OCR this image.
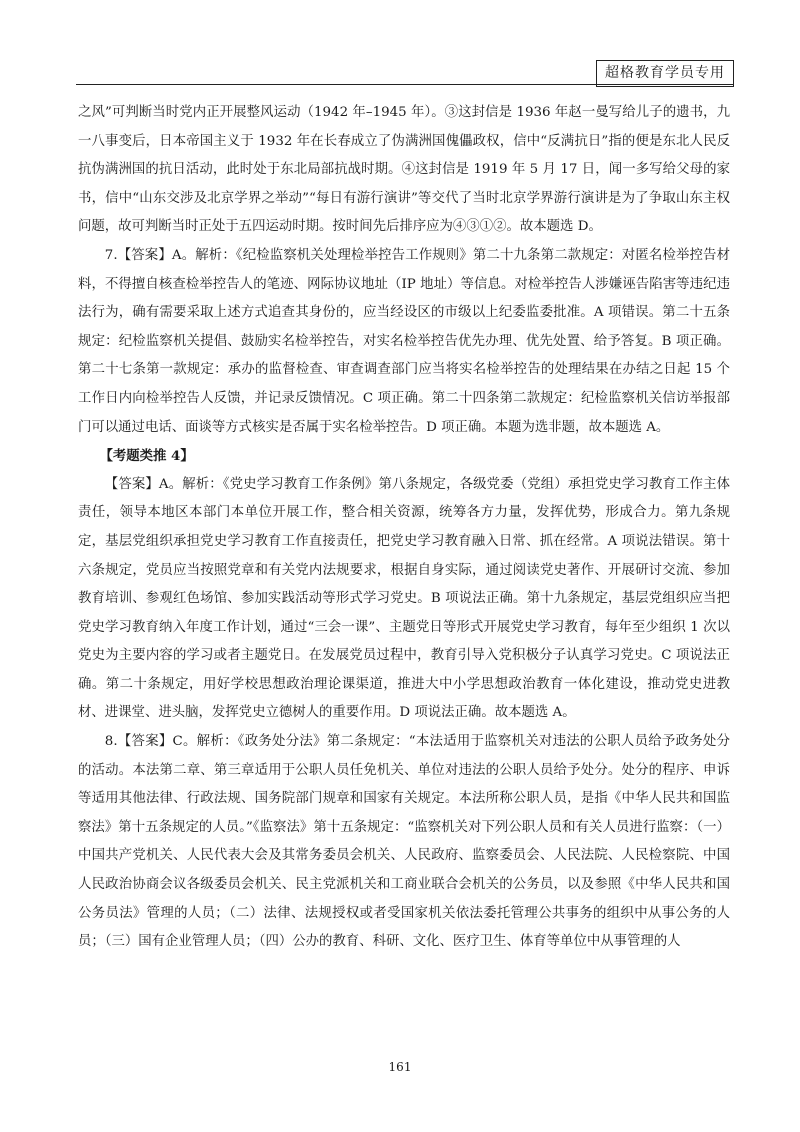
超格教育学员专用

之风”可判断当时党内正开展整风运动（1942 年–1945 年）。③这封信是 1936 年赵一曼写给儿子的遗书，九一八事变后，日本帝国主义于 1932 年在长春成立了伪满洲国傀儡政权，信中“反满抗日”指的便是东北人民反抗伪满洲国的抗日活动，此时处于东北局部抗战时期。④这封信是 1919 年 5 月 17 日，闻一多写给父母的家书，信中“山东交涉及北京学界之举动”“每日有游行演讲”等交代了当时北京学界游行演讲是为了争取山东主权问题，故可判断当时正处于五四运动时期。按时间先后排序应为④③①②。故本题选 D。

7.【答案】A。解析：《纪检监察机关处理检举控告工作规则》第二十九条第二款规定：对匿名检举控告材料，不得擅自核查检举控告人的笔迹、网际协议地址（IP 地址）等信息。对检举控告人涉嫌诬告陷害等违纪违法行为，确有需要采取上述方式追查其身份的，应当经设区的市级以上纪委监委批准。A 项错误。第二十五条规定：纪检监察机关提倡、鼓励实名检举控告，对实名检举控告优先办理、优先处置、给予答复。B 项正确。第二十七条第一款规定：承办的监督检查、审查调查部门应当将实名检举控告的处理结果在办结之日起 15 个工作日内向检举控告人反馈，并记录反馈情况。C 项正确。第二十四条第二款规定：纪检监察机关信访举报部门可以通过电话、面谈等方式核实是否属于实名检举控告。D 项正确。本题为选非题，故本题选 A。

【考题类推 4】

【答案】A。解析：《党史学习教育工作条例》第八条规定，各级党委（党组）承担党史学习教育工作主体责任，领导本地区本部门本单位开展工作，整合相关资源，统筹各方力量，发挥优势，形成合力。第九条规定，基层党组织承担党史学习教育工作直接责任，把党史学习教育融入日常、抓在经常。A 项说法错误。第十六条规定，党员应当按照党章和有关党内法规要求，根据自身实际，通过阅读党史著作、开展研讨交流、参加教育培训、参观红色场馆、参加实践活动等形式学习党史。B 项说法正确。第十九条规定，基层党组织应当把党史学习教育纳入年度工作计划，通过“三会一课”、主题党日等形式开展党史学习教育，每年至少组织 1 次以党史为主要内容的学习或者主题党日。在发展党员过程中，教育引导入党积极分子认真学习党史。C 项说法正确。第二十条规定，用好学校思想政治理论课渠道，推进大中小学思想政治教育一体化建设，推动党史进教材、进课堂、进头脑，发挥党史立德树人的重要作用。D 项说法正确。故本题选 A。

8.【答案】C。解析：《政务处分法》第二条规定：“本法适用于监察机关对违法的公职人员给予政务处分的活动。本法第二章、第三章适用于公职人员任免机关、单位对违法的公职人员给予处分。处分的程序、申诉等适用其他法律、行政法规、国务院部门规章和国家有关规定。本法所称公职人员，是指《中华人民共和国监察法》第十五条规定的人员。”《监察法》第十五条规定：“监察机关对下列公职人员和有关人员进行监察：（一）中国共产党机关、人民代表大会及其常务委员会机关、人民政府、监察委员会、人民法院、人民检察院、中国人民政治协商会议各级委员会机关、民主党派机关和工商业联合会机关的公务员，以及参照《中华人民共和国公务员法》管理的人员；（二）法律、法规授权或者受国家机关依法委托管理公共事务的组织中从事公务的人员；（三）国有企业管理人员；（四）公办的教育、科研、文化、医疗卫生、体育等单位中从事管理的人

161
